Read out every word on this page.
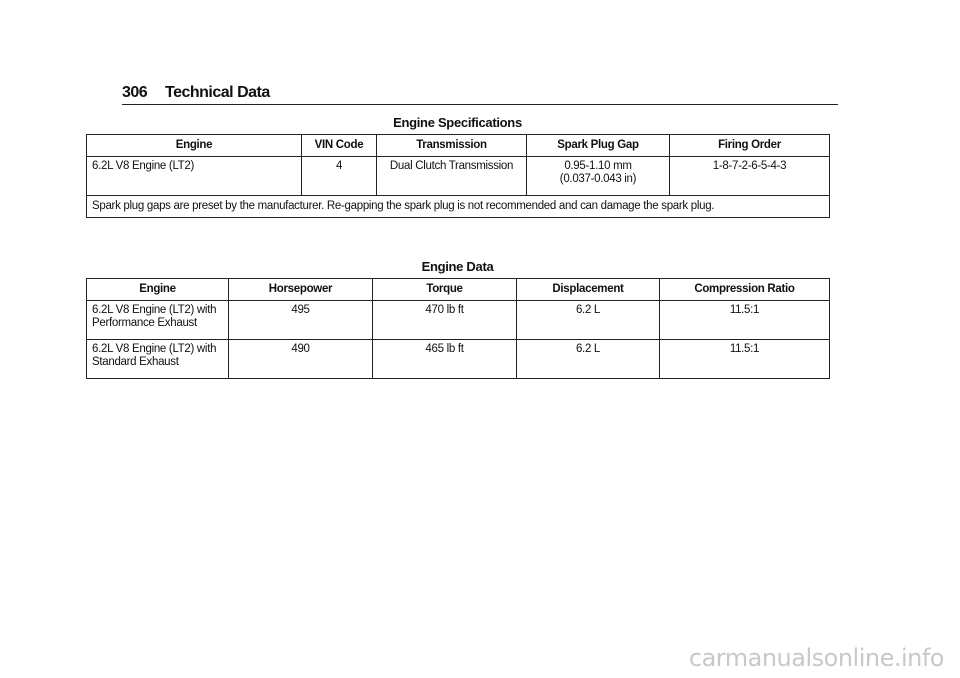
306 Technical Data
Engine Specifications
Engine	VIN Code	Transmission	Spark Plug Gap	Firing Order
6.2L V8 Engine (LT2)	4	Dual Clutch Transmission	0.95-1.10 mm
(0.037-0.043 in)	1-8-7-2-6-5-4-3
Spark plug gaps are preset by the manufacturer. Re-gapping the spark plug is not recommended and can damage the spark plug.				
Engine Data
Engine	Horsepower	Torque	Displacement	Compression Ratio

6.2L V8 Engine (LT2) with
Performance Exhaust	495	470 lb ft	6.2 L	11.5:1

6.2L V8 Engine (LT2) with
Standard Exhaust	490	465 lb ft	6.2 L	11.5:1
carmanualsonline.info
